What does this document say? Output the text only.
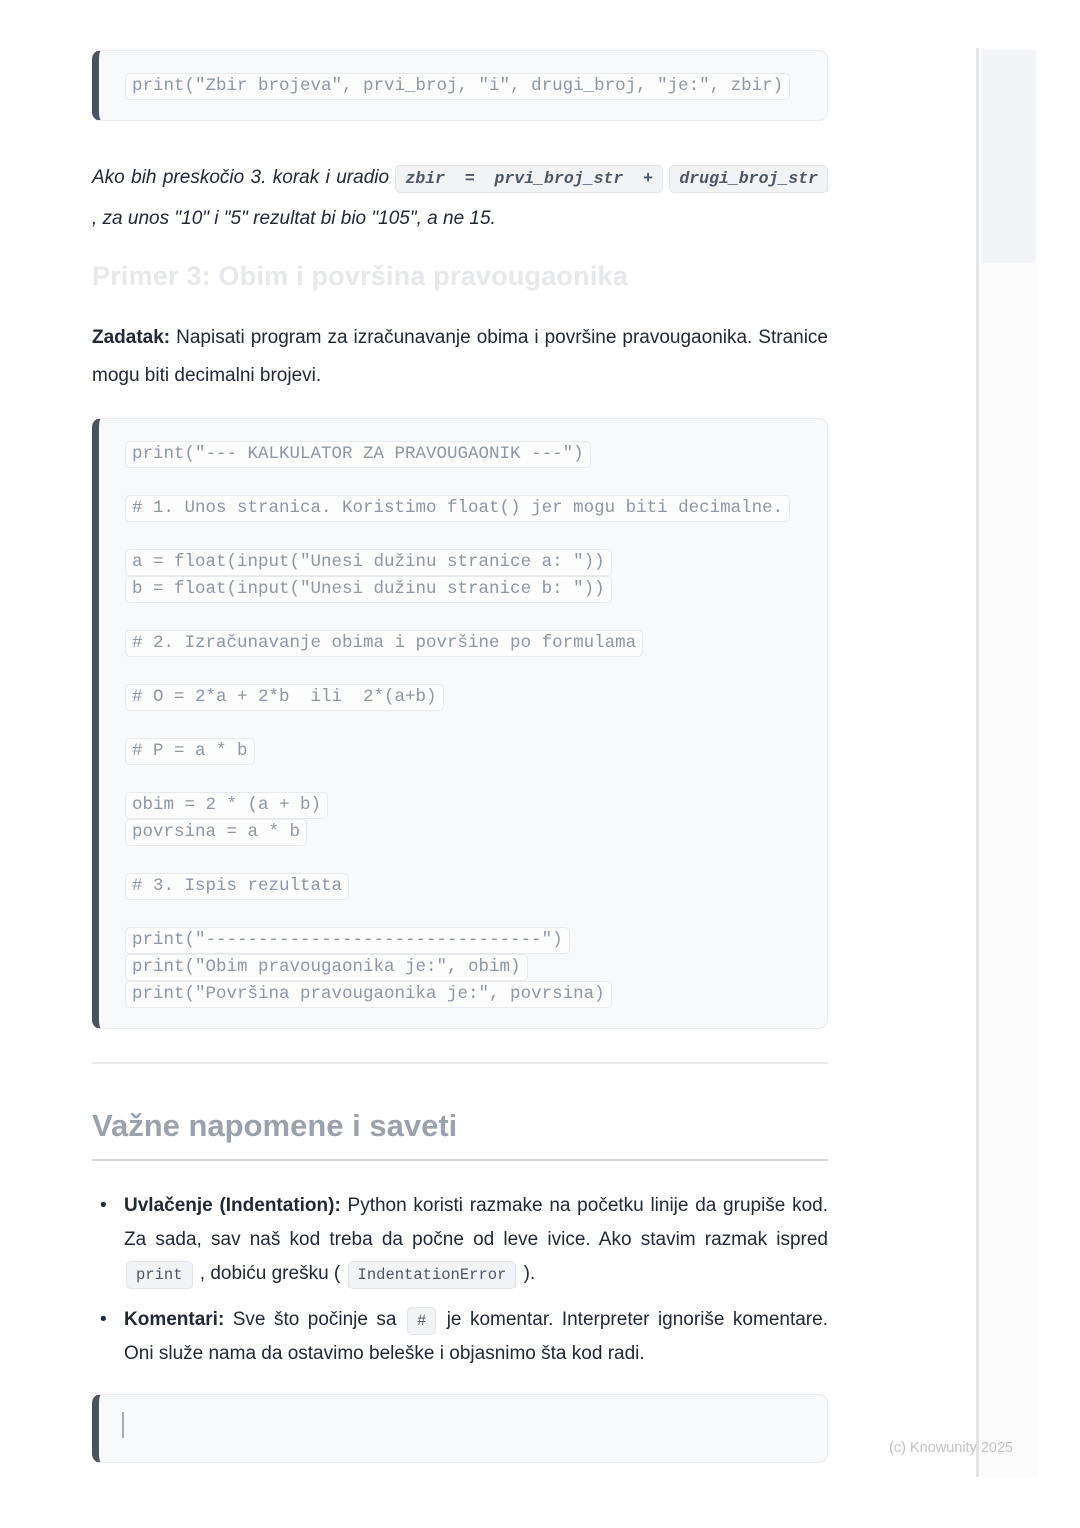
print("Zbir brojeva", prvi_broj, "i", drugi_broj, "je:", zbir)

Ako bih preskočio 3. korak i uradio zbir  =  prvi_broj_str  + drugi_broj_str , za unos "10" i "5" rezultat bi bio "105", a ne 15.

Primer 3: Obim i površina pravougaonika

Zadatak: Napisati program za izračunavanje obima i površine pravougaonika. Stranice mogu biti decimalni brojevi.

print("--- KALKULATOR ZA PRAVOUGAONIK ---")
# 1. Unos stranica. Koristimo float() jer mogu biti decimalne.
a = float(input("Unesi dužinu stranice a: "))
b = float(input("Unesi dužinu stranice b: "))
# 2. Izračunavanje obima i površine po formulama
# O = 2*a + 2*b  ili  2*(a+b)
# P = a * b
obim = 2 * (a + b)
povrsina = a * b
# 3. Ispis rezultata
print("--------------------------------")
print("Obim pravougaonika je:", obim)
print("Površina pravougaonika je:", povrsina)
Važne napomene i saveti
• Uvlačenje (Indentation): Python koristi razmake na početku linije da grupiše kod. Za sada, sav naš kod treba da počne od leve ivice. Ako stavim razmak ispred print , dobiću grešku ( IndentationError ).
• Komentari: Sve što počinje sa # je komentar. Interpreter ignoriše komentare. Oni služe nama da ostavimo beleške i objasnimo šta kod radi.
(c) Knowunity 2025
